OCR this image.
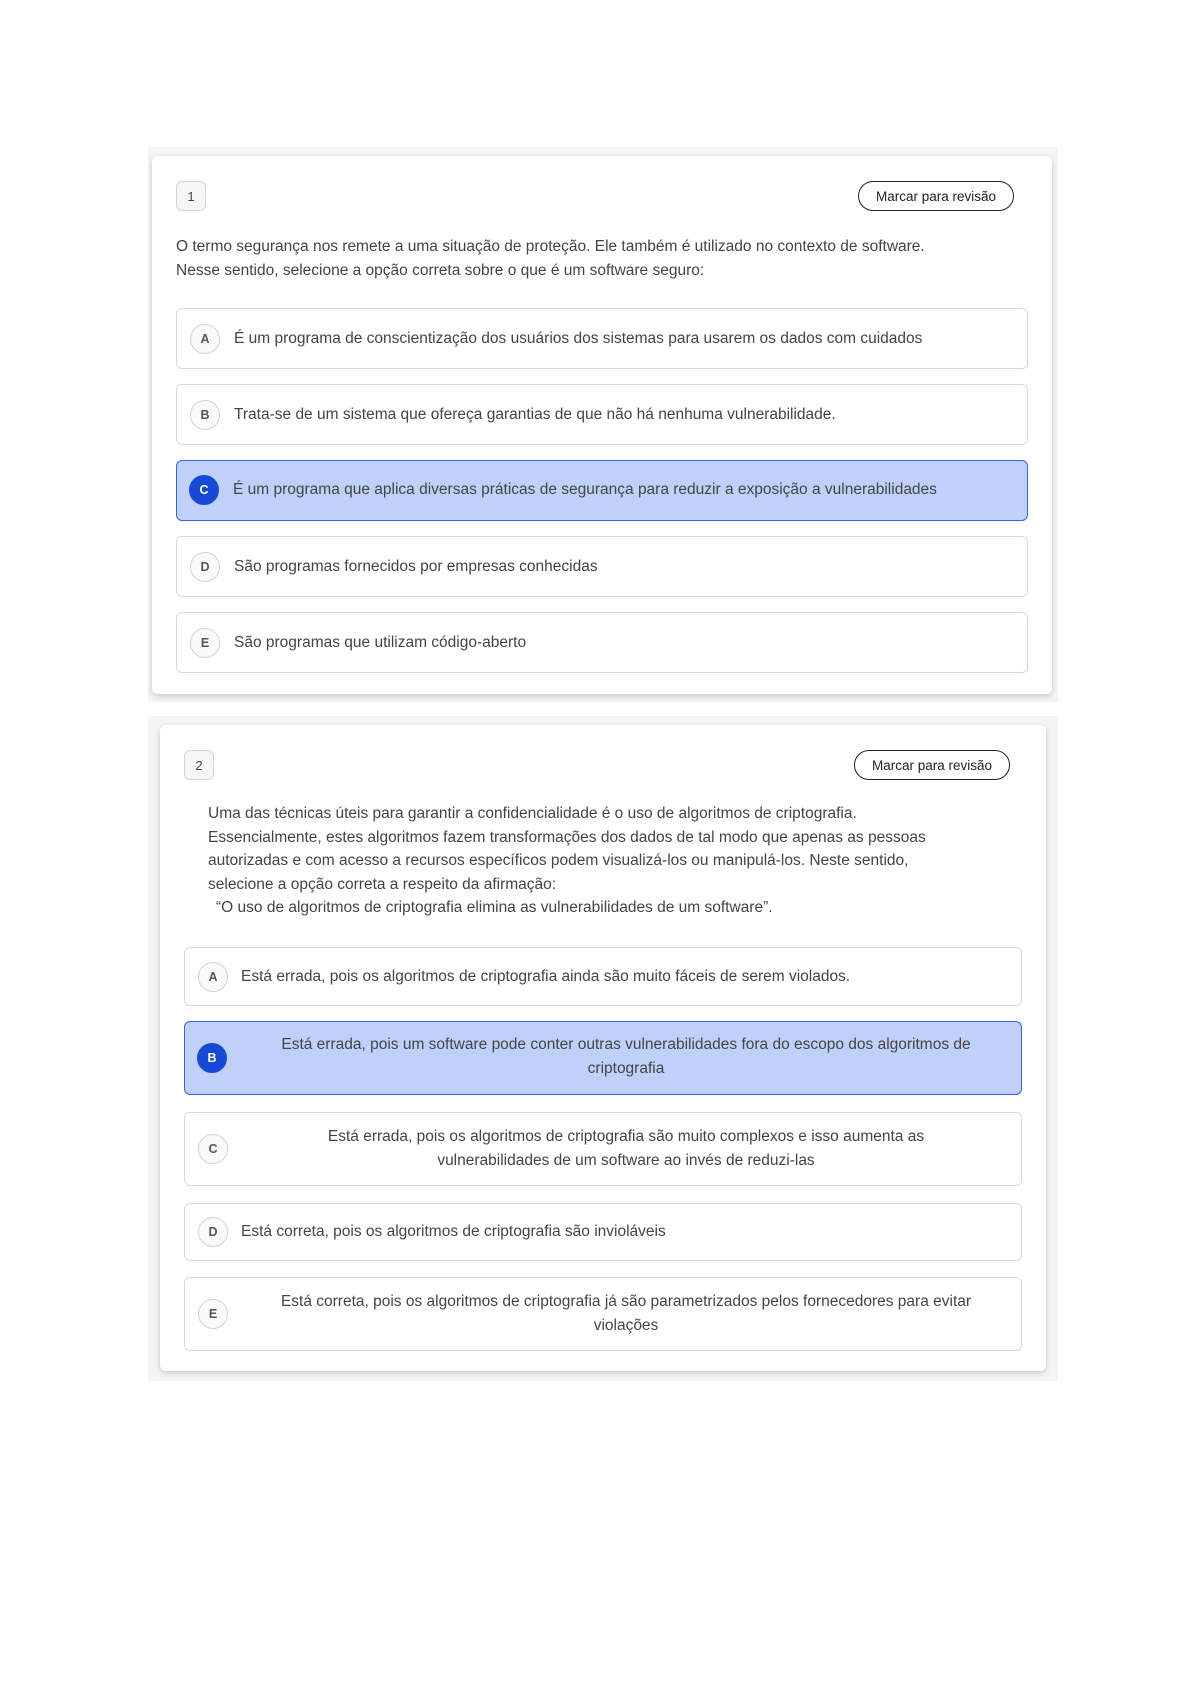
1	Marcar para revisão

O termo segurança nos remete a uma situação de proteção. Ele também é utilizado no contexto de software.

Nesse sentido, selecione a opção correta sobre o que é um software seguro:

A	É um programa de conscientização dos usuários dos sistemas para usarem os dados com cuidados
B	Trata-se de um sistema que ofereça garantias de que não há nenhuma vulnerabilidade.
C	É um programa que aplica diversas práticas de segurança para reduzir a exposição a vulnerabilidades
D	São programas fornecidos por empresas conhecidas
E	São programas que utilizam código-aberto
2	Marcar para revisão

Uma das técnicas úteis para garantir a confidencialidade é o uso de algoritmos de criptografia.

Essencialmente, estes algoritmos fazem transformações dos dados de tal modo que apenas as pessoas

autorizadas e com acesso a recursos específicos podem visualizá-los ou manipulá-los. Neste sentido,

selecione a opção correta a respeito da afirmação:

“O uso de algoritmos de criptografia elimina as vulnerabilidades de um software”.

A	Está errada, pois os algoritmos de criptografia ainda são muito fáceis de serem violados.
B
Está errada, pois um software pode conter outras vulnerabilidades fora do escopo dos algoritmos de
criptografia
C
Está errada, pois os algoritmos de criptografia são muito complexos e isso aumenta as
vulnerabilidades de um software ao invés de reduzi-las
D	Está correta, pois os algoritmos de criptografia são invioláveis
E
Está correta, pois os algoritmos de criptografia já são parametrizados pelos fornecedores para evitar
violações
